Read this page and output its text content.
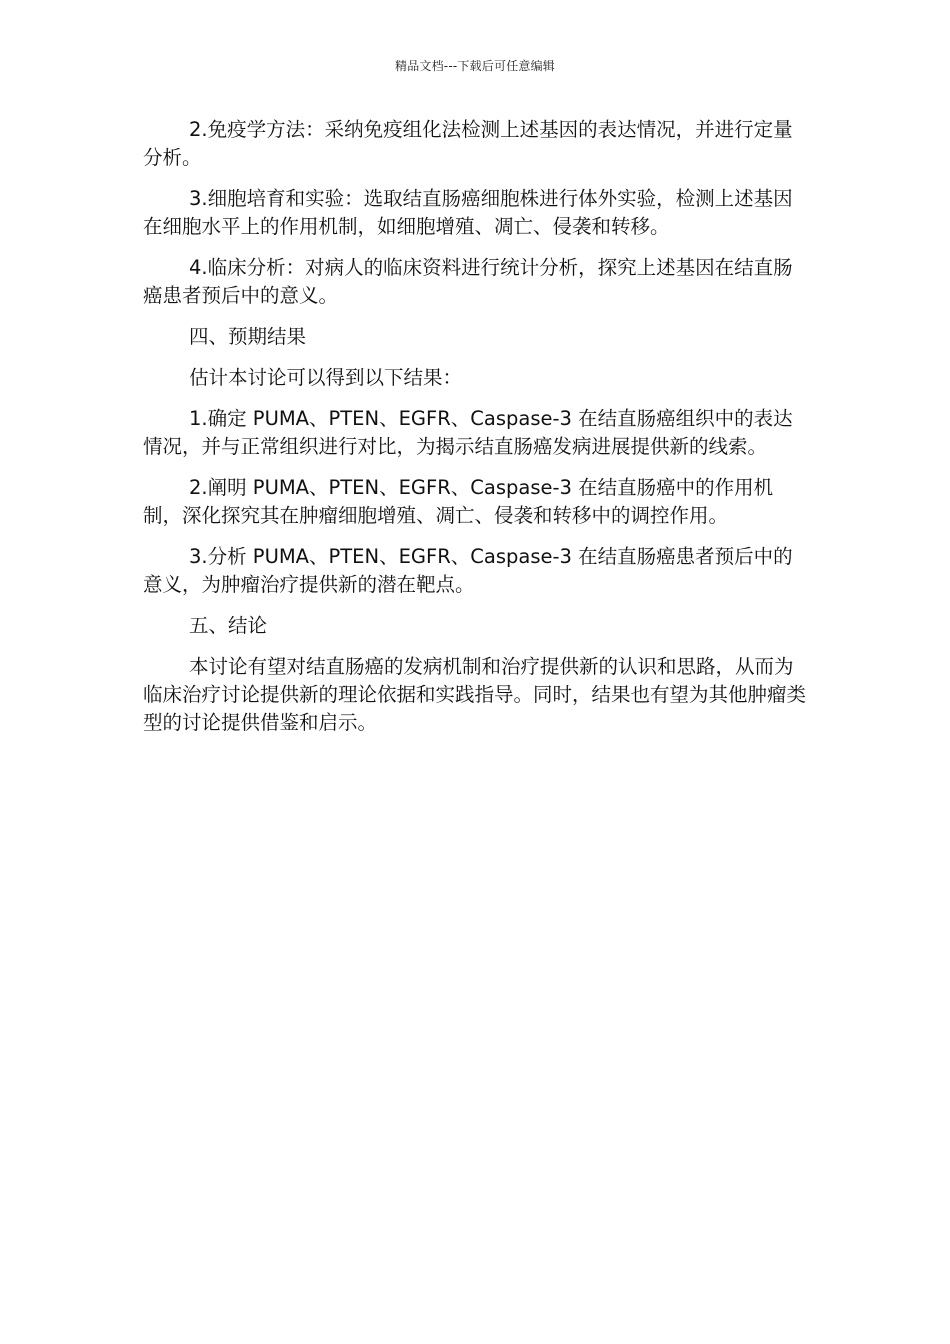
精品文档---下载后可任意编辑

2.免疫学方法：采纳免疫组化法检测上述基因的表达情况，并进行定量分析。

3.细胞培育和实验：选取结直肠癌细胞株进行体外实验，检测上述基因在细胞水平上的作用机制，如细胞增殖、凋亡、侵袭和转移。

4.临床分析：对病人的临床资料进行统计分析，探究上述基因在结直肠癌患者预后中的意义。

四、预期结果

估计本讨论可以得到以下结果：

1.确定 PUMA、PTEN、EGFR、Caspase-3 在结直肠癌组织中的表达情况，并与正常组织进行对比，为揭示结直肠癌发病进展提供新的线索。

2.阐明 PUMA、PTEN、EGFR、Caspase-3 在结直肠癌中的作用机制，深化探究其在肿瘤细胞增殖、凋亡、侵袭和转移中的调控作用。

3.分析 PUMA、PTEN、EGFR、Caspase-3 在结直肠癌患者预后中的意义，为肿瘤治疗提供新的潜在靶点。

五、结论

本讨论有望对结直肠癌的发病机制和治疗提供新的认识和思路，从而为临床治疗讨论提供新的理论依据和实践指导。同时，结果也有望为其他肿瘤类型的讨论提供借鉴和启示。
